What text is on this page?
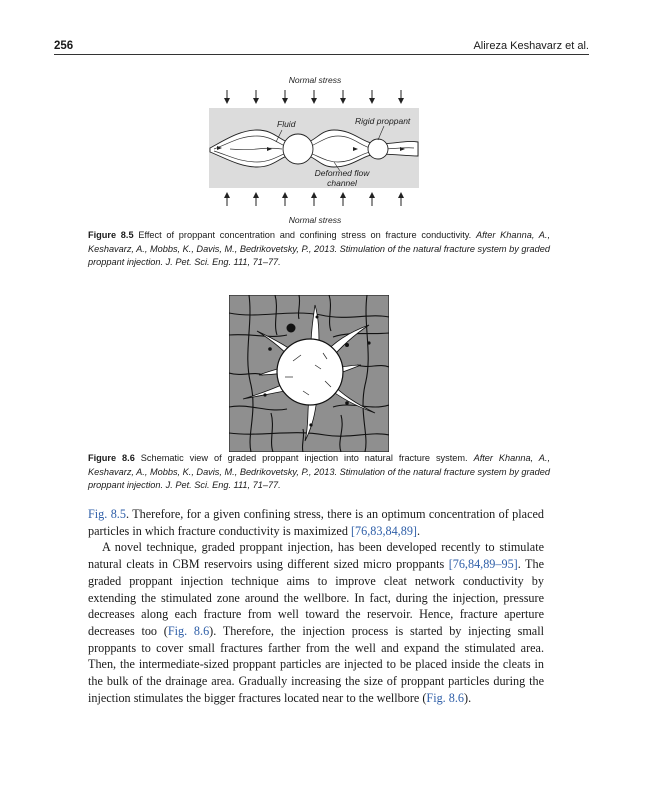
256	Alireza Keshavarz et al.
Normal stress
Fluid	Rigid proppant
Deformed flow
channel
Normal stress
Figure 8.5 Effect of proppant concentration and confining stress on fracture conductivity. After Khanna, A., Keshavarz, A., Mobbs, K., Davis, M., Bedrikovetsky, P., 2013. Stimulation of the natural fracture system by graded proppant injection. J. Pet. Sci. Eng. 111, 71–77.
Figure 8.6 Schematic view of graded proppant injection into natural fracture system. After Khanna, A., Keshavarz, A., Mobbs, K., Davis, M., Bedrikovetsky, P., 2013. Stimulation of the natural fracture system by graded proppant injection. J. Pet. Sci. Eng. 111, 71–77.

Fig. 8.5. Therefore, for a given confining stress, there is an optimum concentration of placed particles in which fracture conductivity is maximized [76,83,84,89].

A novel technique, graded proppant injection, has been developed recently to stimulate natural cleats in CBM reservoirs using different sized micro proppants [76,84,89–95]. The graded proppant injection technique aims to improve cleat network conductivity by extending the stimulated zone around the wellbore. In fact, during the injection, pressure decreases along each fracture from well toward the reservoir. Hence, fracture aperture decreases too (Fig. 8.6). Therefore, the injection process is started by injecting small proppants to cover small fractures farther from the well and expand the stimulated area. Then, the intermediate-sized proppant particles are injected to be placed inside the cleats in the bulk of the drainage area. Gradually increasing the size of proppant particles during the injection stimulates the bigger fractures located near to the wellbore (Fig. 8.6).
